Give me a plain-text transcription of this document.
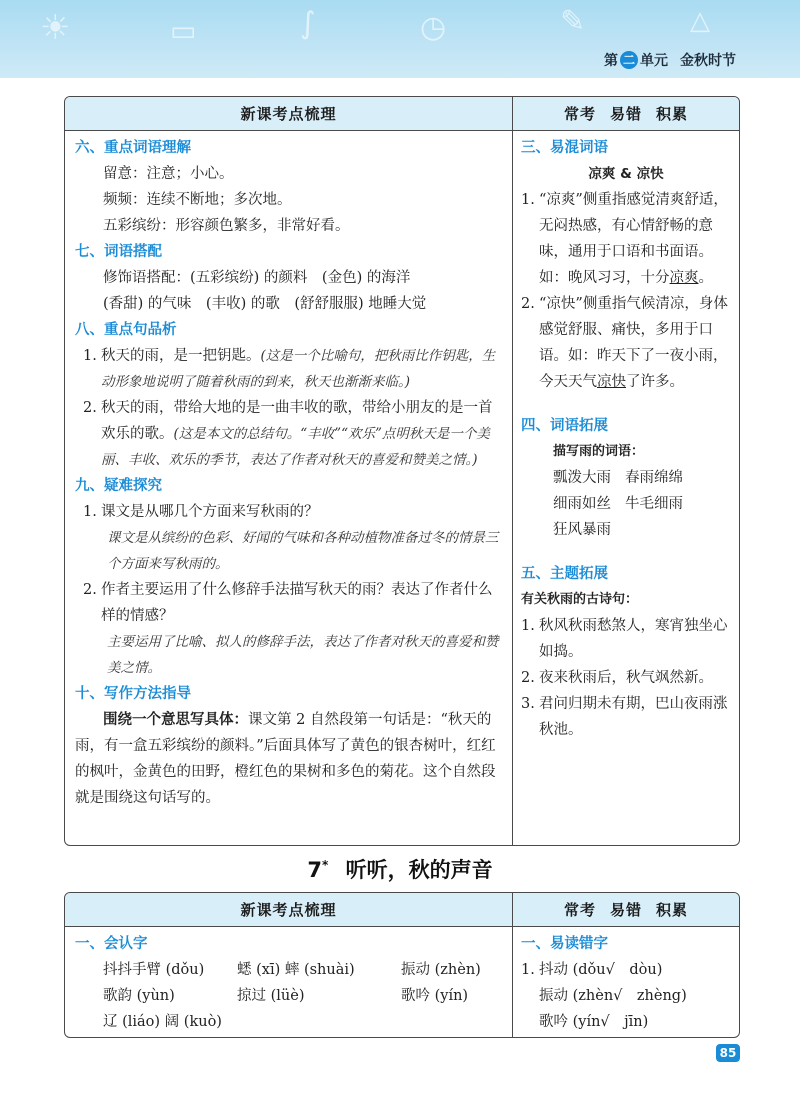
☀	▭	∫	◷	✎	△
第 二 单元 金秋时节
新课考点梳理
六、重点词语理解
留意：注意；小心。
频频：连续不断地；多次地。
五彩缤纷：形容颜色繁多，非常好看。
七、词语搭配
修饰语搭配：(五彩缤纷) 的颜料　(金色) 的海洋
(香甜) 的气味　(丰收) 的歌　(舒舒服服) 地睡大觉
八、重点句品析
1. 秋天的雨，是一把钥匙。(这是一个比喻句，把秋雨比作钥匙，生动形象地说明了随着秋雨的到来，秋天也渐渐来临。)
2. 秋天的雨，带给大地的是一曲丰收的歌，带给小朋友的是一首欢乐的歌。(这是本文的总结句。“丰收”“欢乐”点明秋天是一个美丽、丰收、欢乐的季节，表达了作者对秋天的喜爱和赞美之情。)
九、疑难探究
1. 课文是从哪几个方面来写秋雨的？
课文是从缤纷的色彩、好闻的气味和各种动植物准备过冬的情景三个方面来写秋雨的。
2. 作者主要运用了什么修辞手法描写秋天的雨？表达了作者什么样的情感？
主要运用了比喻、拟人的修辞手法，表达了作者对秋天的喜爱和赞美之情。
十、写作方法指导
围绕一个意思写具体：课文第 2 自然段第一句话是：“秋天的雨，有一盒五彩缤纷的颜料。”后面具体写了黄色的银杏树叶，红红的枫叶，金黄色的田野，橙红色的果树和多色的菊花。这个自然段就是围绕这句话写的。
常考 易错 积累
三、易混词语
凉爽 & 凉快
1. “凉爽”侧重指感觉清爽舒适，无闷热感，有心情舒畅的意味，通用于口语和书面语。如：晚风习习，十分凉爽。
2. “凉快”侧重指气候清凉，身体感觉舒服、痛快，多用于口语。如：昨天下了一夜小雨，今天天气凉快了许多。
四、词语拓展
描写雨的词语：
瓢泼大雨 春雨绵绵
细雨如丝 牛毛细雨
狂风暴雨
五、主题拓展
有关秋雨的古诗句：
1. 秋风秋雨愁煞人，寒宵独坐心如捣。
2. 夜来秋雨后，秋气飒然新。
3. 君问归期未有期，巴山夜雨涨秋池。
7* 听听，秋的声音
新课考点梳理
一、会认字
抖抖手臂 (dǒu) 蟋 (xī) 蟀 (shuài)	振动 (zhèn)
歌韵 (yùn)	掠过 (lüè)	歌吟 (yín)
辽 (liáo) 阔 (kuò)
常考 易错 积累
一、易读错字
1. 抖动 (dǒu√　dòu)
振动 (zhèn√　zhèng)
歌吟 (yín√　jīn)
85
